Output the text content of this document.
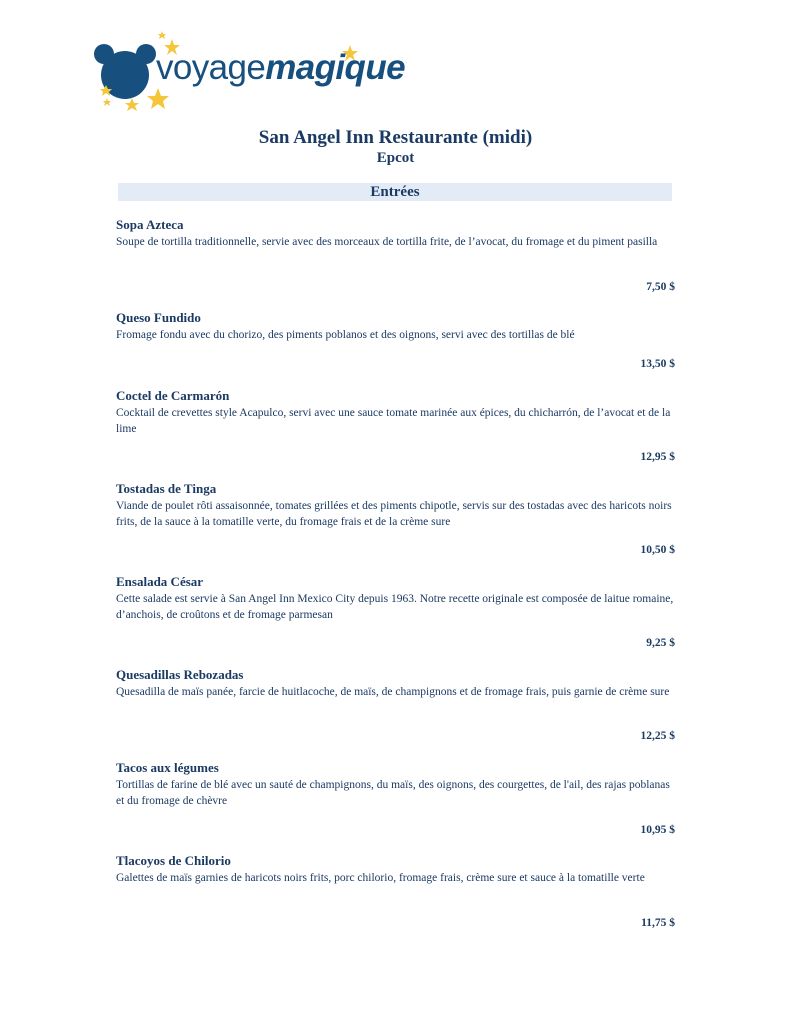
voyagemagique
San Angel Inn Restaurante (midi)
Epcot
Entrées
Sopa Azteca
Soupe de tortilla traditionnelle, servie avec des morceaux de tortilla frite, de l’avocat, du fromage et du piment pasilla
7,50 $
Queso Fundido
Fromage fondu avec du chorizo, des piments poblanos et des oignons, servi avec des tortillas de blé
13,50 $
Coctel de Carmarón
Cocktail de crevettes style Acapulco, servi avec une sauce tomate marinée aux épices, du chicharrón, de l’avocat et de la lime
12,95 $
Tostadas de Tinga
Viande de poulet rôti assaisonnée, tomates grillées et des piments chipotle, servis sur des tostadas avec des haricots noirs frits, de la sauce à la tomatille verte, du fromage frais et de la crème sure
10,50 $
Ensalada César
Cette salade est servie à San Angel Inn Mexico City depuis 1963. Notre recette originale est composée de laitue romaine, d’anchois, de croûtons et de fromage parmesan
9,25 $
Quesadillas Rebozadas
Quesadilla de maïs panée, farcie de huitlacoche, de maïs, de champignons et de fromage frais, puis garnie de crème sure
12,25 $
Tacos aux légumes
Tortillas de farine de blé avec un sauté de champignons, du maïs, des oignons, des courgettes, de l'ail, des rajas poblanas et du fromage de chèvre
10,95 $
Tlacoyos de Chilorio
Galettes de maïs garnies de haricots noirs frits, porc chilorio, fromage frais, crème sure et sauce à la tomatille verte
11,75 $
